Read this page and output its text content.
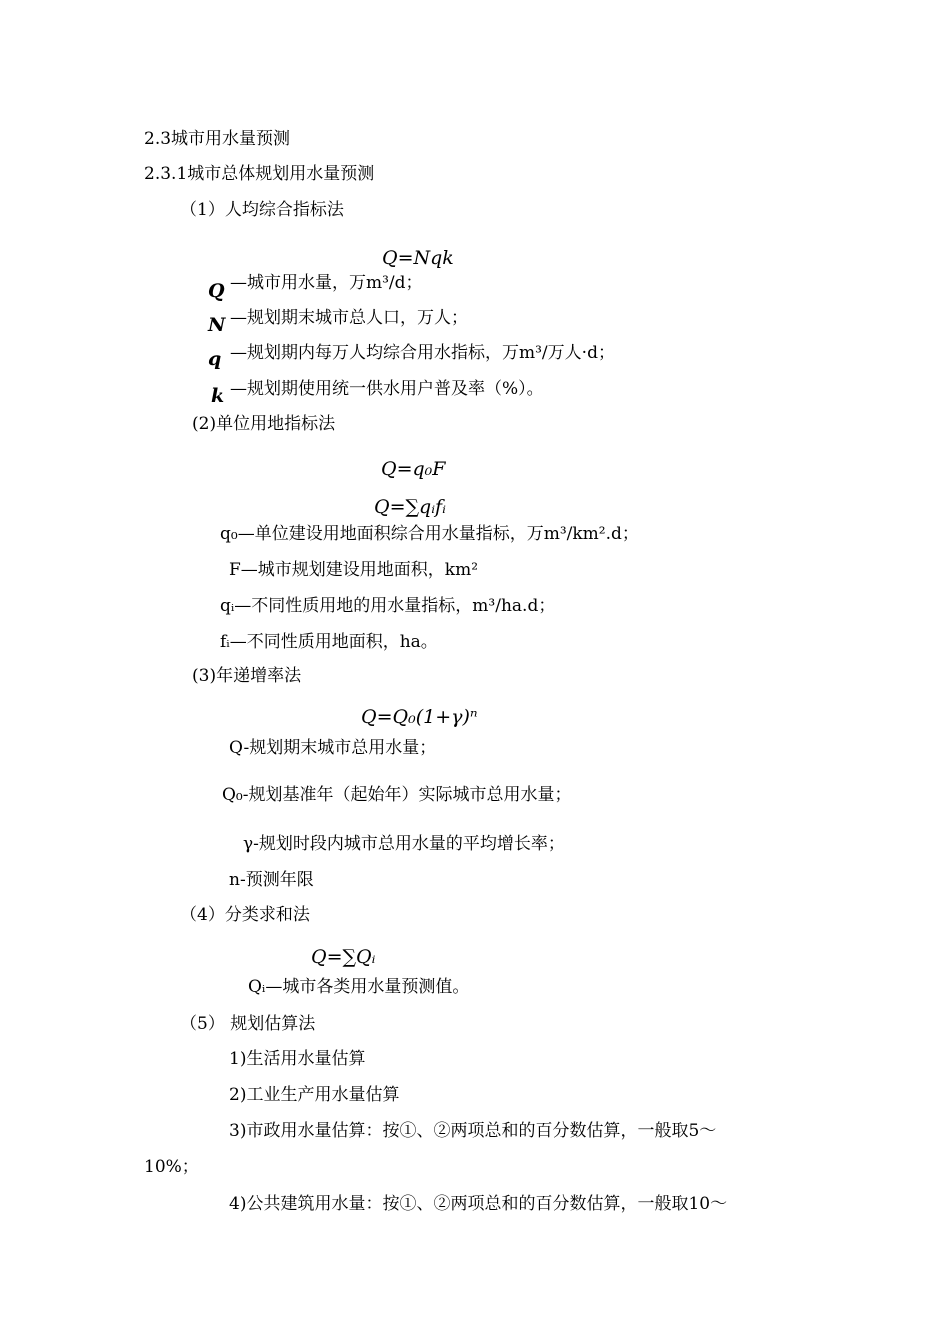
2.3城市用水量预测
2.3.1城市总体规划用水量预测
（1）人均综合指标法
Q=Nqk
Q —城市用水量，万m³/d；
N —规划期末城市总人口，万人；
q —规划期内每万人均综合用水指标，万m³/万人·d；
k —规划期使用统一供水用户普及率（%）。
(2)单位用地指标法
Q=q₀F
Q=∑qᵢfᵢ
q₀—单位建设用地面积综合用水量指标，万m³/km².d；
F—城市规划建设用地面积，km²
qᵢ—不同性质用地的用水量指标，m³/ha.d；
fᵢ—不同性质用地面积，ha。
(3)年递增率法
Q=Q₀(1+γ)ⁿ
Q-规划期末城市总用水量；
Q₀-规划基准年（起始年）实际城市总用水量；
γ-规划时段内城市总用水量的平均增长率；
n-预测年限
（4）分类求和法
Q=∑Qᵢ
Qᵢ—城市各类用水量预测值。
（5） 规划估算法
1)生活用水量估算
2)工业生产用水量估算
3)市政用水量估算：按①、②两项总和的百分数估算，一般取5～
10%；
4)公共建筑用水量：按①、②两项总和的百分数估算，一般取10～
